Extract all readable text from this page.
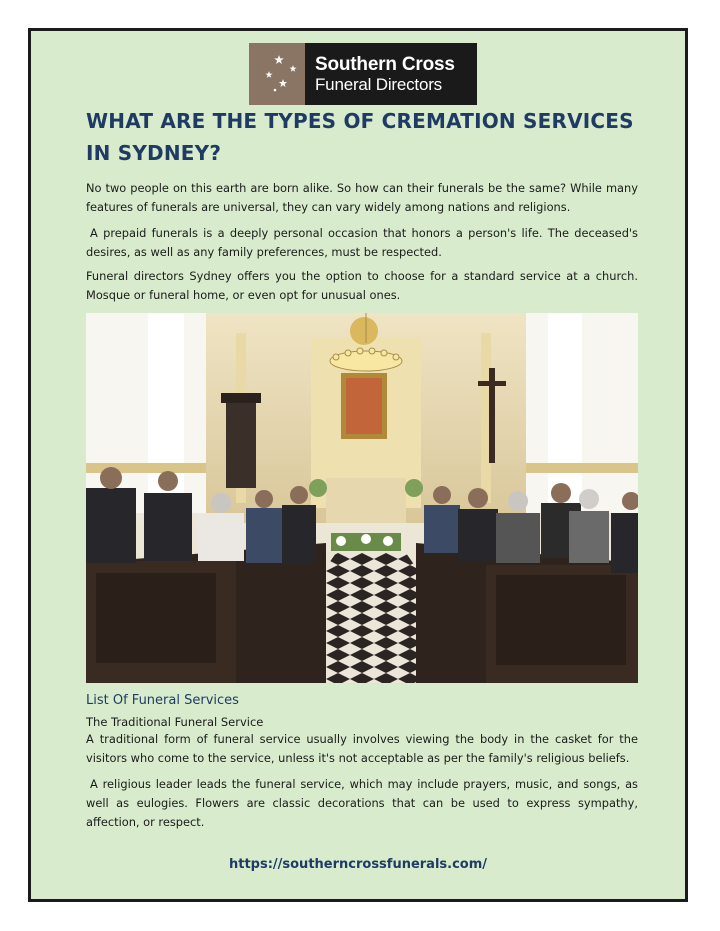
Southern Cross
Funeral Directors
WHAT ARE THE TYPES OF CREMATION SERVICES IN SYDNEY?

No two people on this earth are born alike. So how can their funerals be the same? While many features of funerals are universal, they can vary widely among nations and religions.

A prepaid funerals is a deeply personal occasion that honors a person's life. The deceased's desires, as well as any family preferences, must be respected.

Funeral directors Sydney offers you the option to choose for a standard service at a church. Mosque or funeral home, or even opt for unusual ones.

List Of Funeral Services
The Traditional Funeral Service

A traditional form of funeral service usually involves viewing the body in the casket for the visitors who come to the service, unless it's not acceptable as per the family's religious beliefs.

A religious leader leads the funeral service, which may include prayers, music, and songs, as well as eulogies. Flowers are classic decorations that can be used to express sympathy, affection, or respect.

https://southerncrossfunerals.com/
